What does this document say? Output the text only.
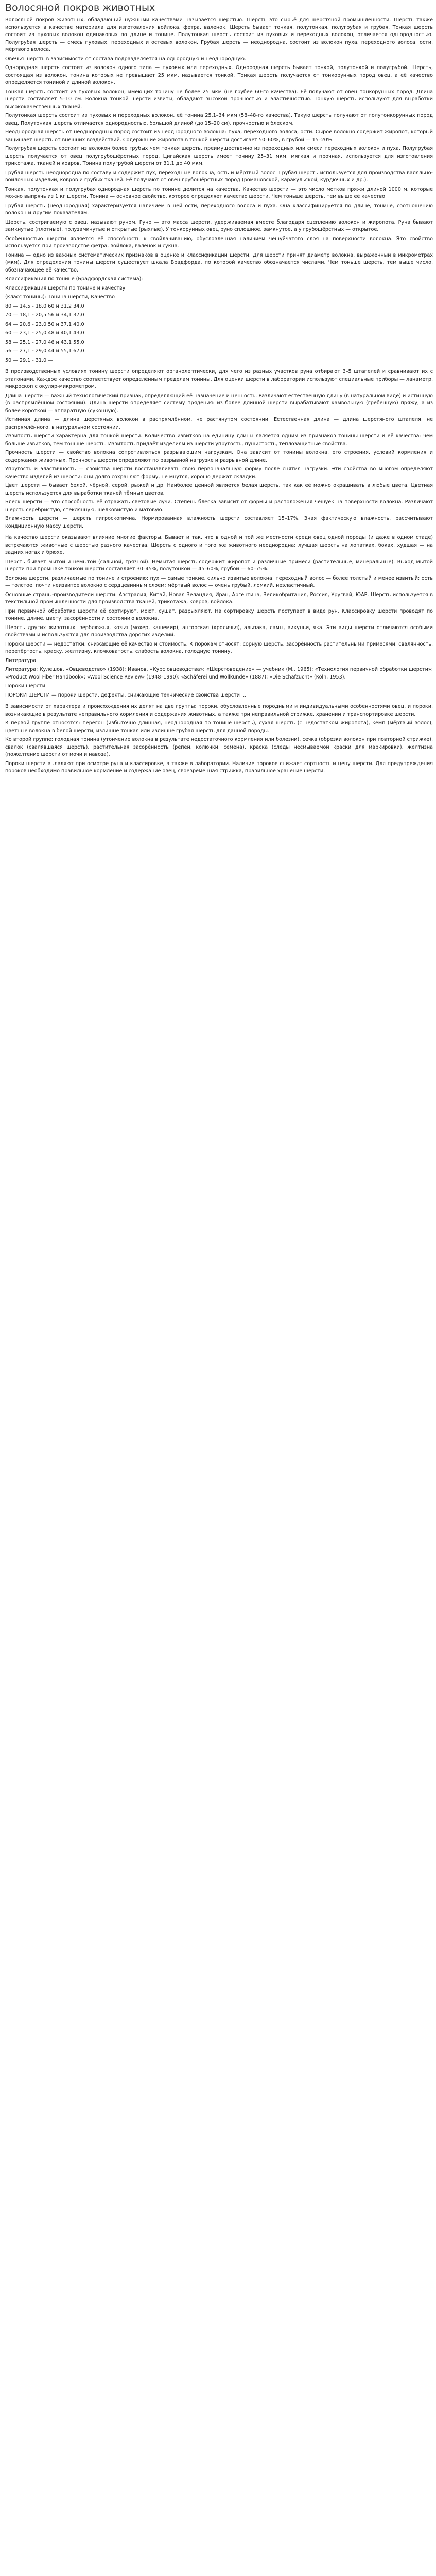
Волосяной покров животных

Волосяной покров животных, обладающий нужными качествами называется шерстью. Шерсть это сырьё для шерстяной промышленности. Шерсть также используется в качестве материала для изготовления войлока, фетра, валенок. Шерсть бывает тонкая, полутонкая, полугрубая и грубая. Тонкая шерсть состоит из пуховых волокон одинаковых по длине и тонине. Полутонкая шерсть состоит из пуховых и переходных волокон, отличается однородностью. Полугрубая шерсть — смесь пуховых, переходных и остевых волокон. Грубая шерсть — неоднородна, состоит из волокон пуха, переходного волоса, ости, мёртвого волоса.

Овечья шерсть в зависимости от состава подразделяется на однородную и неоднородную.

Однородная шерсть состоит из волокон одного типа — пуховых или переходных. Однородная шерсть бывает тонкой, полутонкой и полугрубой. Шерсть, состоящая из волокон, тонина которых не превышает 25 мкм, называется тонкой. Тонкая шерсть получается от тонкорунных пород овец, а её качество определяется тониной и длиной волокон.

Тонкая шерсть состоит из пуховых волокон, имеющих тонину не более 25 мкм (не грубее 60-го качества). Её получают от овец тонкорунных пород. Длина шерсти составляет 5–10 см. Волокна тонкой шерсти извиты, обладают высокой прочностью и эластичностью. Тонкую шерсть используют для выработки высококачественных тканей.

Полутонкая шерсть состоит из пуховых и переходных волокон, её тонина 25,1–34 мкм (58–48-го качества). Такую шерсть получают от полутонкорунных пород овец. Полутонкая шерсть отличается однородностью, большой длиной (до 15–20 см), прочностью и блеском.

Неоднородная шерсть от неоднородных пород состоит из неоднородного волокна: пуха, переходного волоса, ости. Сырое волокно содержит жиропот, который защищает шерсть от внешних воздействий. Содержание жиропота в тонкой шерсти достигает 50–60%, в грубой — 15–20%.

Полугрубая шерсть состоит из волокон более грубых чем тонкая шерсть, преимущественно из переходных или смеси переходных волокон и пуха. Полугрубая шерсть получается от овец полугрубошёрстных пород. Цигайская шерсть имеет тонину 25–31 мкм, мягкая и прочная, используется для изготовления трикотажа, тканей и ковров. Тонина полугрубой шерсти от 31,1 до 40 мкм.

Грубая шерсть неоднородна по составу и содержит пух, переходные волокна, ость и мёртвый волос. Грубая шерсть используется для производства валяльно-войлочных изделий, ковров и грубых тканей. Её получают от овец грубошёрстных пород (романовской, каракульской, курдючных и др.).

Тонкая, полутонкая и полугрубая однородная шерсть по тонине делится на качества. Качество шерсти — это число мотков пряжи длиной 1000 м, которые можно выпрячь из 1 кг шерсти. Тонина — основное свойство, которое определяет качество шерсти. Чем тоньше шерсть, тем выше её качество.

Грубая шерсть (неоднородная) характеризуется наличием в ней ости, переходного волоса и пуха. Она классифицируется по длине, тонине, соотношению волокон и другим показателям.

Шерсть, состригаемую с овец, называют руном. Руно — это масса шерсти, удерживаемая вместе благодаря сцеплению волокон и жиропота. Руна бывают замкнутые (плотные), полузамкнутые и открытые (рыхлые). У тонкорунных овец руно сплошное, замкнутое, а у грубошёрстных — открытое.

Особенностью шерсти является её способность к свойлачиванию, обусловленная наличием чешуйчатого слоя на поверхности волокна. Это свойство используется при производстве фетра, войлока, валенок и сукна.

Тонина — одно из важных систематических признаков в оценке и классификации шерсти. Для шерсти принят диаметр волокна, выраженный в микрометрах (мкм). Для определения тонины шерсти существует шкала Брадфорда, по которой качество обозначается числами. Чем тоньше шерсть, тем выше число, обозначающее её качество.

Классификация по тонине (Брадфордская система):

Классификация шерсти по тонине и качеству

(класс тонины): Тонина шерсти, Качество

80 — 14,5 - 18,0 60 и 31,2 34,0

70 — 18,1 - 20,5 56 и 34,1 37,0

64 — 20,6 - 23,0 50 и 37,1 40,0

60 — 23,1 - 25,0 48 и 40,1 43,0

58 — 25,1 - 27,0 46 и 43,1 55,0

56 — 27,1 - 29,0 44 и 55,1 67,0

50 — 29,1 - 31,0 —

В производственных условиях тонину шерсти определяют органолептически, для чего из разных участков руна отбирают 3–5 штапелей и сравнивают их с эталонами. Каждое качество соответствует определённым пределам тонины. Для оценки шерсти в лаборатории используют специальные приборы — ланаметр, микроскоп с окуляр-микрометром.

Длина шерсти — важный технологический признак, определяющий её назначение и ценность. Различают естественную длину (в натуральном виде) и истинную (в распрямлённом состоянии). Длина шерсти определяет систему прядения: из более длинной шерсти вырабатывают камвольную (гребенную) пряжу, а из более короткой — аппаратную (суконную).

Истинная длина — длина шерстяных волокон в распрямлённом, не растянутом состоянии. Естественная длина — длина шерстяного штапеля, не распрямлённого, в натуральном состоянии.

Извитость шерсти характерна для тонкой шерсти. Количество извитков на единицу длины является одним из признаков тонины шерсти и её качества: чем больше извитков, тем тоньше шерсть. Извитость придаёт изделиям из шерсти упругость, пушистость, теплозащитные свойства.

Прочность шерсти — свойство волокна сопротивляться разрывающим нагрузкам. Она зависит от тонины волокна, его строения, условий кормления и содержания животных. Прочность шерсти определяют по разрывной нагрузке и разрывной длине.

Упругость и эластичность — свойства шерсти восстанавливать свою первоначальную форму после снятия нагрузки. Эти свойства во многом определяют качество изделий из шерсти: они долго сохраняют форму, не мнутся, хорошо держат складки.

Цвет шерсти — бывает белой, чёрной, серой, рыжей и др. Наиболее ценной является белая шерсть, так как её можно окрашивать в любые цвета. Цветная шерсть используется для выработки тканей тёмных цветов.

Блеск шерсти — это способность её отражать световые лучи. Степень блеска зависит от формы и расположения чешуек на поверхности волокна. Различают шерсть серебристую, стеклянную, шелковистую и матовую.

Влажность шерсти — шерсть гигроскопична. Нормированная влажность шерсти составляет 15–17%. Зная фактическую влажность, рассчитывают кондиционную массу шерсти.

На качество шерсти оказывают влияние многие факторы. Бывает и так, что в одной и той же местности среди овец одной породы (и даже в одном стаде) встречаются животные с шерстью разного качества. Шерсть с одного и того же животного неоднородна: лучшая шерсть на лопатках, боках, худшая — на задних ногах и брюхе.

Шерсть бывает мытой и немытой (сальной, грязной). Немытая шерсть содержит жиропот и различные примеси (растительные, минеральные). Выход мытой шерсти при промывке тонкой шерсти составляет 30–45%, полутонкой — 45–60%, грубой — 60–75%.

Волокна шерсти, различаемые по тонине и строению: пух — самые тонкие, сильно извитые волокна; переходный волос — более толстый и менее извитый; ость — толстое, почти неизвитое волокно с сердцевинным слоем; мёртвый волос — очень грубый, ломкий, неэластичный.

Основные страны-производители шерсти: Австралия, Китай, Новая Зеландия, Иран, Аргентина, Великобритания, Россия, Уругвай, ЮАР. Шерсть используется в текстильной промышленности для производства тканей, трикотажа, ковров, войлока.

При первичной обработке шерсти её сортируют, моют, сушат, разрыхляют. На сортировку шерсть поступает в виде рун. Классировку шерсти проводят по тонине, длине, цвету, засорённости и состоянию волокна.

Шерсть других животных: верблюжья, козья (мохер, кашемир), ангорская (кроличья), альпака, ламы, викуньи, яка. Эти виды шерсти отличаются особыми свойствами и используются для производства дорогих изделий.

Пороки шерсти — недостатки, снижающие её качество и стоимость. К порокам относят: сорную шерсть, засорённость растительными примесями, свалянность, перетёртость, краску, желтизну, клочковатость, слабость волокна, голодную тонину.

Литература

Литература: Кулешов, «Овцеводство» (1938); Иванов, «Курс овцеводства»; «Шерстоведение» — учебник (М., 1965); «Технология первичной обработки шерсти»; «Product Wool Fiber Handbook»; «Wool Science Review» (1948–1990); «Schäferei und Wollkunde» (1887); «Die Schafzucht» (Köln, 1953).

Пороки шерсти

ПОРОКИ ШЕРСТИ — пороки шерсти, дефекты, снижающие технические свойства шерсти ...

В зависимости от характера и происхождения их делят на две группы: пороки, обусловленные породными и индивидуальными особенностями овец, и пороки, возникающие в результате неправильного кормления и содержания животных, а также при неправильной стрижке, хранении и транспортировке шерсти.

К первой группе относятся: перегон (избыточно длинная, неоднородная по тонине шерсть), сухая шерсть (с недостатком жиропота), кемп (мёртвый волос), цветные волокна в белой шерсти, излишне тонкая или излишне грубая шерсть для данной породы.

Ко второй группе: голодная тонина (утончение волокна в результате недостаточного кормления или болезни), сечка (обрезки волокон при повторной стрижке), свалок (свалявшаяся шерсть), растительная засорённость (репей, колючки, семена), краска (следы несмываемой краски для маркировки), желтизна (пожелтение шерсти от мочи и навоза).

Пороки шерсти выявляют при осмотре руна и классировке, а также в лаборатории. Наличие пороков снижает сортность и цену шерсти. Для предупреждения пороков необходимо правильное кормление и содержание овец, своевременная стрижка, правильное хранение шерсти.
